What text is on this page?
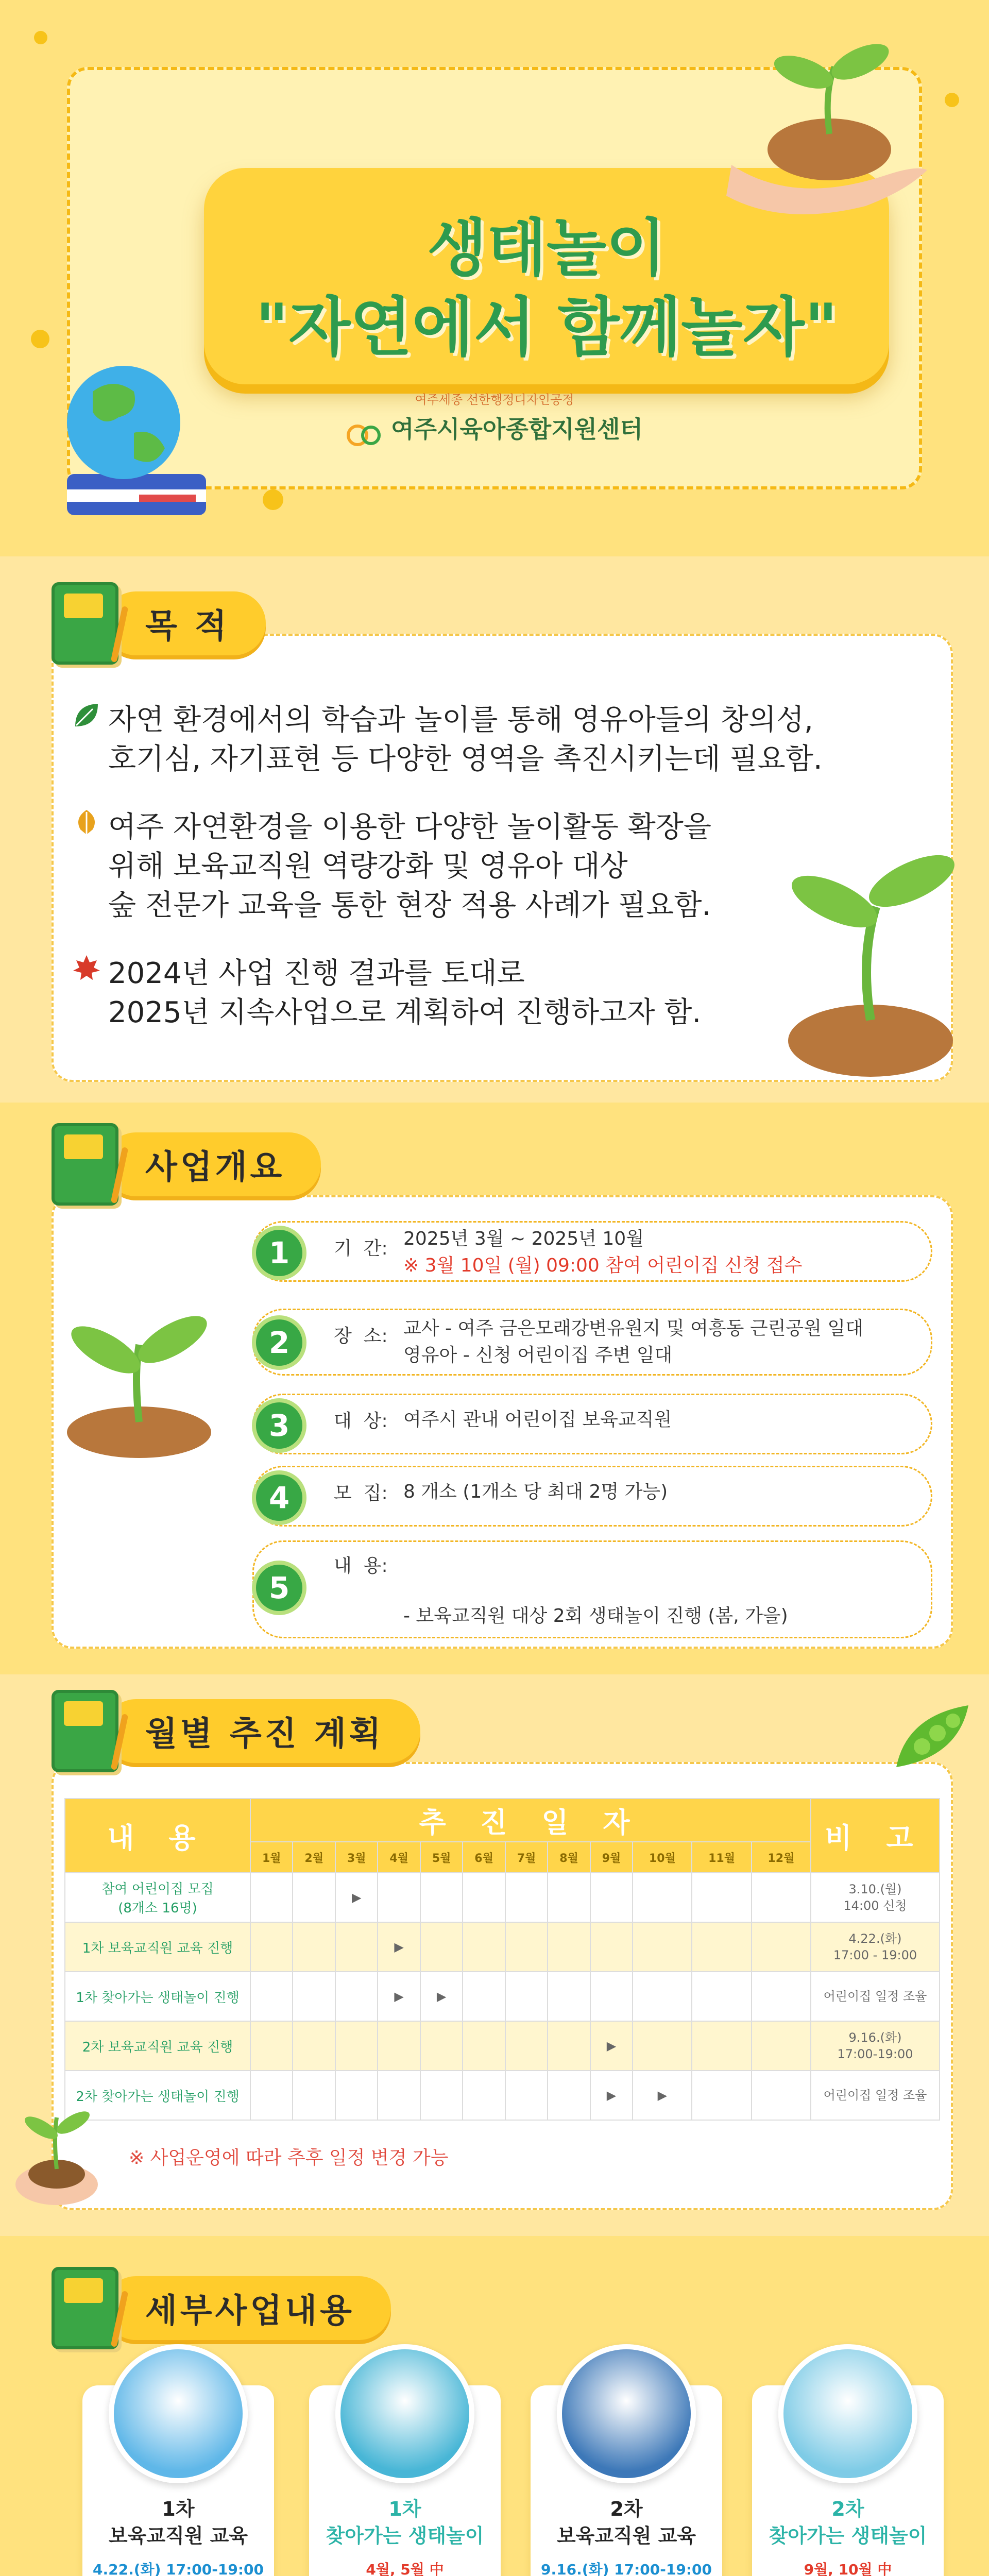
생태놀이
"자연에서 함께놀자"
여주세종 선한행정디자인공정
여주시육아종합지원센터
목 적
자연 환경에서의 학습과 놀이를 통해 영유아들의 창의성,
호기심, 자기표현 등 다양한 영역을 촉진시키는데 필요함.
여주 자연환경을 이용한 다양한 놀이활동 확장을
위해 보육교직원 역량강화 및 영유아 대상
숲 전문가 교육을 통한 현장 적용 사례가 필요함.
2024년 사업 진행 결과를 토대로
2025년 지속사업으로 계획하여 진행하고자 함.
사업개요
1	기  간: 2025년 3월 ~ 2025년 10월
※ 3월 10일 (월) 09:00 참여 어린이집 신청 접수
2	장  소: 교사 - 여주 금은모래강변유원지 및 여흥동 근린공원 일대
영유아 - 신청 어린이집 주변 일대
3	대  상: 여주시 관내 어린이집 보육교직원
4	모  집: 8 개소 (1개소 당 최대 2명 가능)
5
내  용:

- 보육교직원 대상 2회 생태놀이 진행 (봄, 가을)

월별 추진 계획
내 용	추 진 일 자												비 고
	1월	2월	3월	4월	5월	6월	7월	8월	9월	10월	11월	12월	
참여 어린이집 모집
(8개소 16명)			▶										3.10.(월)
14:00 신청
1차 보육교직원 교육 진행				▶									4.22.(화)
17:00 - 19:00
1차 찾아가는 생태놀이 진행				▶	▶								어린이집 일정 조율
2차 보육교직원 교육 진행									▶				9.16.(화)
17:00-19:00
2차 찾아가는 생태놀이 진행									▶	▶			어린이집 일정 조율
※ 사업운영에 따라 추후 일정 변경 가능
세부사업내용
1차
보육교직원 교육
4.22.(화) 17:00-19:00
1차
찾아가는 생태놀이
4월, 5월 中
2차
보육교직원 교육
9.16.(화) 17:00-19:00
2차
찾아가는 생태놀이
9월, 10월 中
